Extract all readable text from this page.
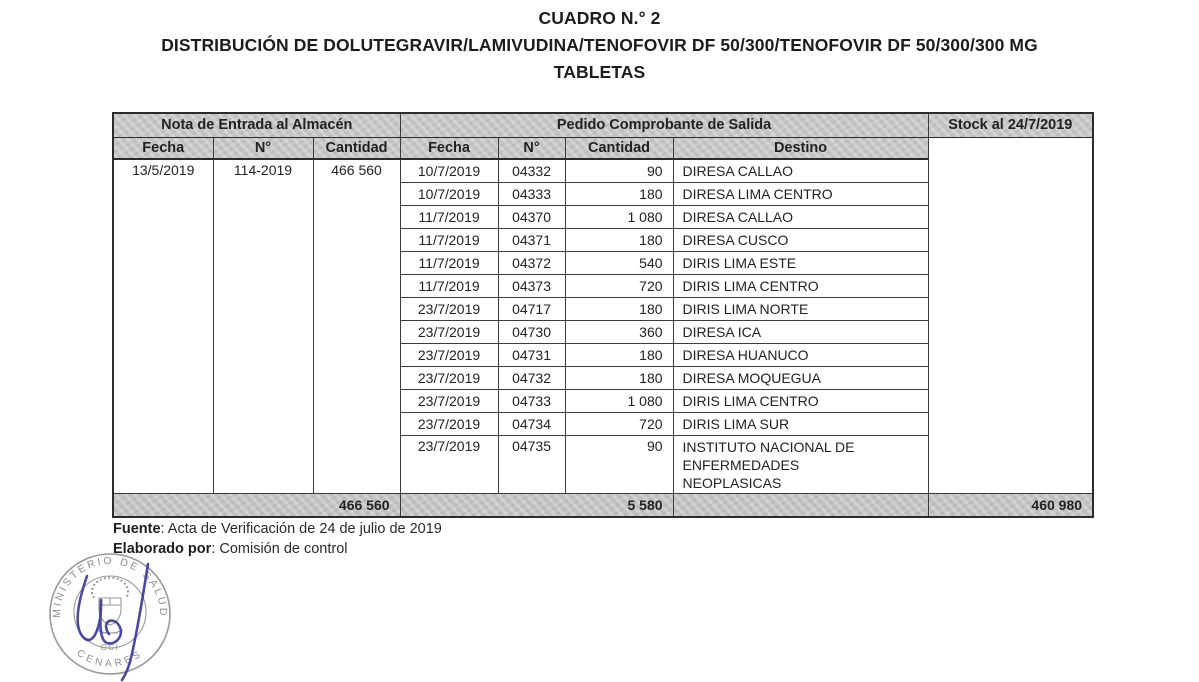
CUADRO N.° 2
DISTRIBUCIÓN DE DOLUTEGRAVIR/LAMIVUDINA/TENOFOVIR DF 50/300/TENOFOVIR DF 50/300/300 MG
TABLETAS
Nota de Entrada al Almacén			Pedido Comprobante de Salida				Stock al 24/7/2019
Fecha	N°	Cantidad	Fecha	N°	Cantidad	Destino	
13/5/2019	114-2019	466 560	10/7/2019	04332	90	DIRESA CALLAO	
			10/7/2019	04333	180	DIRESA LIMA CENTRO	
			11/7/2019	04370	1 080	DIRESA CALLAO	
			11/7/2019	04371	180	DIRESA CUSCO	
			11/7/2019	04372	540	DIRIS LIMA ESTE	
			11/7/2019	04373	720	DIRIS LIMA CENTRO	
			23/7/2019	04717	180	DIRIS LIMA NORTE	
			23/7/2019	04730	360	DIRESA ICA	
			23/7/2019	04731	180	DIRESA HUANUCO	
			23/7/2019	04732	180	DIRESA MOQUEGUA	
			23/7/2019	04733	1 080	DIRIS LIMA CENTRO	
			23/7/2019	04734	720	DIRIS LIMA SUR	
			23/7/2019	04735	90	INSTITUTO NACIONAL DE ENFERMEDADES NEOPLASICAS	
466 560			5 580				460 980
Fuente: Acta de Verificación de 24 de julio de 2019
Elaborado por: Comisión de control
MINISTERIO DE SALUD
CENARES
OCI
